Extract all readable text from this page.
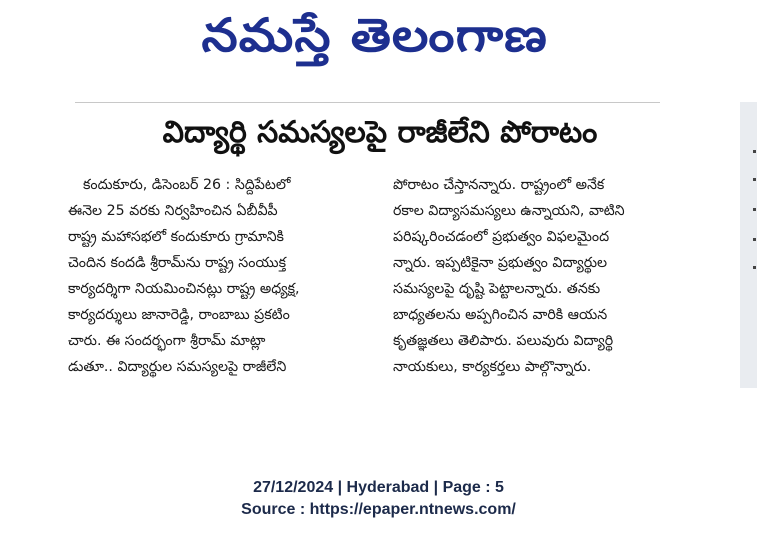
నమస్తే తెలంగాణ
విద్యార్థి సమస్యలపై రాజీలేని పోరాటం
కందుకూరు, డిసెంబర్ 26 : సిద్దిపేటలో
ఈనెల 25 వరకు నిర్వహించిన ఏబీవీపీ
రాష్ట్ర మహాసభలో కందుకూరు గ్రామానికి
చెందిన కందడి శ్రీరామ్‌ను రాష్ట్ర సంయుక్త
కార్యదర్శిగా నియమించినట్లు రాష్ట్ర అధ్యక్ష,
కార్యదర్శులు జానారెడ్డి, రాంబాబు ప్రకటిం
చారు. ఈ సందర్భంగా శ్రీరామ్ మాట్లా
డుతూ.. విద్యార్థుల సమస్యలపై రాజీలేని
పోరాటం చేస్తానన్నారు. రాష్ట్రంలో అనేక
రకాల విద్యాసమస్యలు ఉన్నాయని, వాటిని
పరిష్కరించడంలో ప్రభుత్వం విఫలమైంద
న్నారు. ఇప్పటికైనా ప్రభుత్వం విద్యార్థుల
సమస్యలపై దృష్టి పెట్టాలన్నారు. తనకు
బాధ్యతలను అప్పగించిన వారికి ఆయన
కృతజ్ఞతలు తెలిపారు. పలువురు విద్యార్థి
నాయకులు, కార్యకర్తలు పాల్గొన్నారు.
27/12/2024 | Hyderabad | Page : 5
Source : https://epaper.ntnews.com/
